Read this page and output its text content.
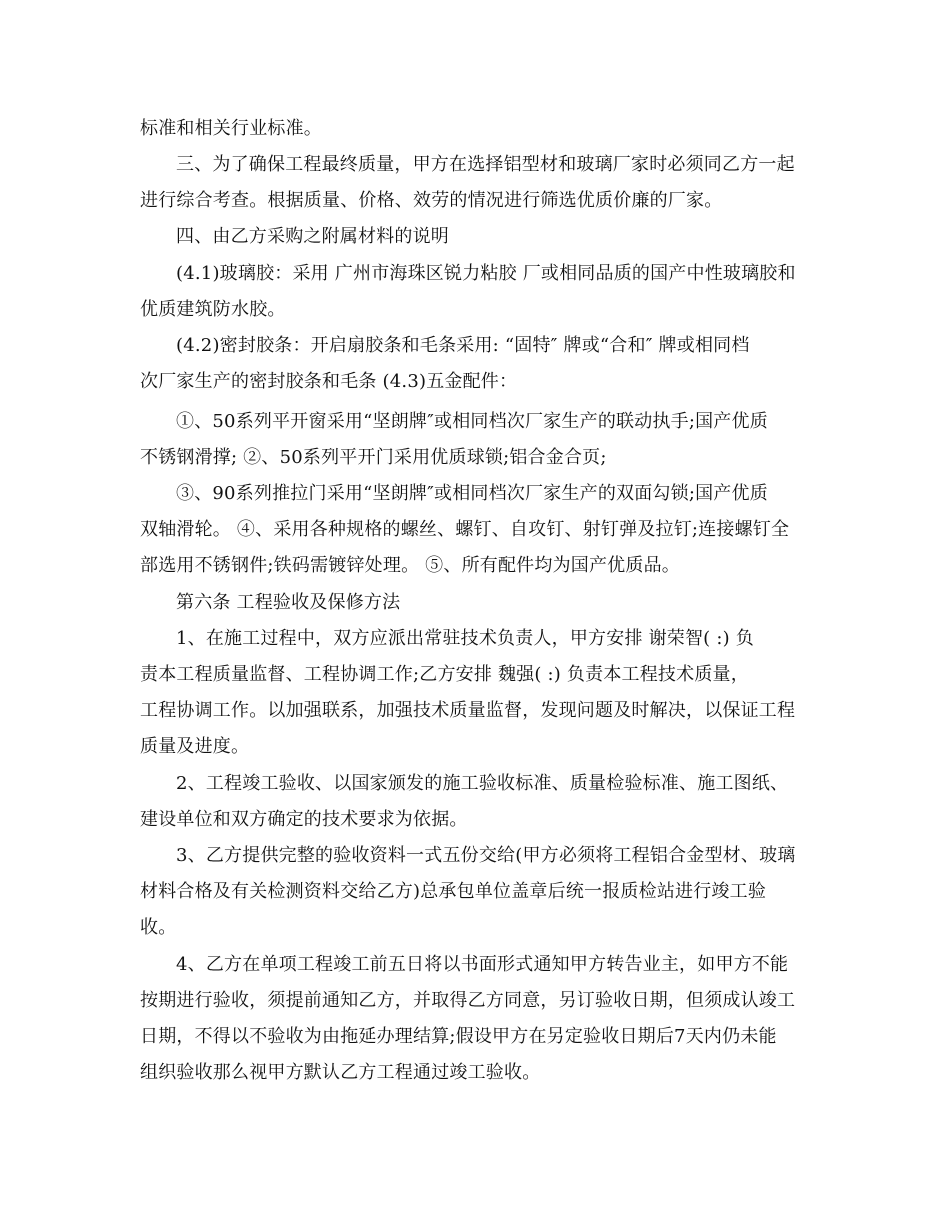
标准和相关行业标准。
三、为了确保工程最终质量，甲方在选择铝型材和玻璃厂家时必须同乙方一起
进行综合考查。根据质量、价格、效劳的情况进行筛选优质价廉的厂家。
四、由乙方采购之附属材料的说明
(4.1)玻璃胶：采用 广州市海珠区锐力粘胶 厂或相同品质的国产中性玻璃胶和
优质建筑防水胶。
(4.2)密封胶条：开启扇胶条和毛条采用: “固特″ 牌或“合和″ 牌或相同档
次厂家生产的密封胶条和毛条 (4.3)五金配件：
①、50系列平开窗采用“坚朗牌″或相同档次厂家生产的联动执手;国产优质
不锈钢滑撑; ②、50系列平开门采用优质球锁;铝合金合页;
③、90系列推拉门采用“坚朗牌″或相同档次厂家生产的双面勾锁;国产优质
双轴滑轮。 ④、采用各种规格的螺丝、螺钉、自攻钉、射钉弹及拉钉;连接螺钉全
部选用不锈钢件;铁码需镀锌处理。 ⑤、所有配件均为国产优质品。
第六条 工程验收及保修方法
1、在施工过程中，双方应派出常驻技术负责人，甲方安排 谢荣智( :) 负
责本工程质量监督、工程协调工作;乙方安排 魏强( :) 负责本工程技术质量，
工程协调工作。以加强联系，加强技术质量监督，发现问题及时解决，以保证工程
质量及进度。
2、工程竣工验收、以国家颁发的施工验收标准、质量检验标准、施工图纸、
建设单位和双方确定的技术要求为依据。
3、乙方提供完整的验收资料一式五份交给(甲方必须将工程铝合金型材、玻璃
材料合格及有关检测资料交给乙方)总承包单位盖章后统一报质检站进行竣工验
收。
4、乙方在单项工程竣工前五日将以书面形式通知甲方转告业主，如甲方不能
按期进行验收，须提前通知乙方，并取得乙方同意，另订验收日期，但须成认竣工
日期，不得以不验收为由拖延办理结算;假设甲方在另定验收日期后7天内仍未能
组织验收那么视甲方默认乙方工程通过竣工验收。
